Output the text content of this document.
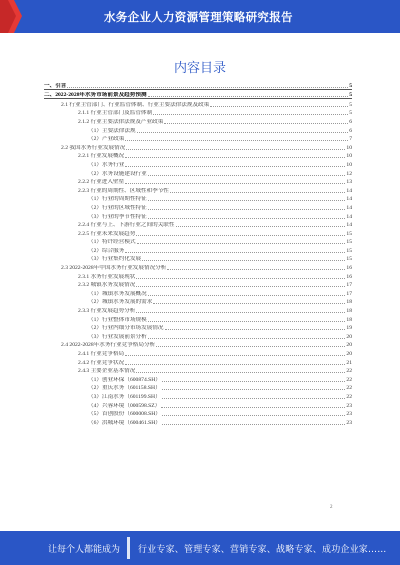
水务企业人力资源管理策略研究报告
内容目录
一、引言	5
二、2022-2028年水务市场前景及趋势预测	5
2.1 行业主管部门、行业监管体制、行业主要法律法规及政策	5
2.1.1 行业主管部门及监管体制	5
2.1.2 行业主要法律法规及产业政策	6
（1）主要法律法规	6
（2）产业政策	7
2.2 我国水务行业发展情况	10
2.2.1 行业发展概况	10
（1）水务行业	10
（2）水务设施建设行业	12
2.2.2 行业进入壁垒	13
2.2.3 行业的周期性、区域性和季节性	14
（1）行业的周期性特征	14
（2）行业的区域性特征	14
（3）行业的季节性特征	14
2.2.4 行业与上、下游行业之间的关联性	14
2.2.5 行业未来发展趋势	15
（1）特许经营模式	15
（2）综合服务	15
（3）行业集约化发展	15
2.3 2022-2028年中国水务行业发展情况分析	16
2.3.1 水务行业发展现状	16
2.3.2 城镇水务发展情况	17
（1）城镇水务发展概况	17
（2）城镇水务发展的需求	18
2.3.3 行业发展趋势分析	18
（1）行业整体市场规模	18
（2）行业内细分市场发展情况	19
（3）行业发展前景分析	20
2.4 2022-2028年水务行业竞争格局分析	20
2.4.1 行业竞争格局	20
2.4.2 行业竞争状况	21
2.4.3 主要企业基本情况	22
（1）创业环保（600874.SH）	22
（2）重庆水务（601158.SH）	22
（3）江南水务（601199.SH）	22
（4）兴蓉环境（000598.SZ）	23
（5）首创股份（600008.SH）	23
（6）洪城环境（600461.SH）	23
2
让每个人都能成为 行业专家、管理专家、营销专家、战略专家、成功企业家……
